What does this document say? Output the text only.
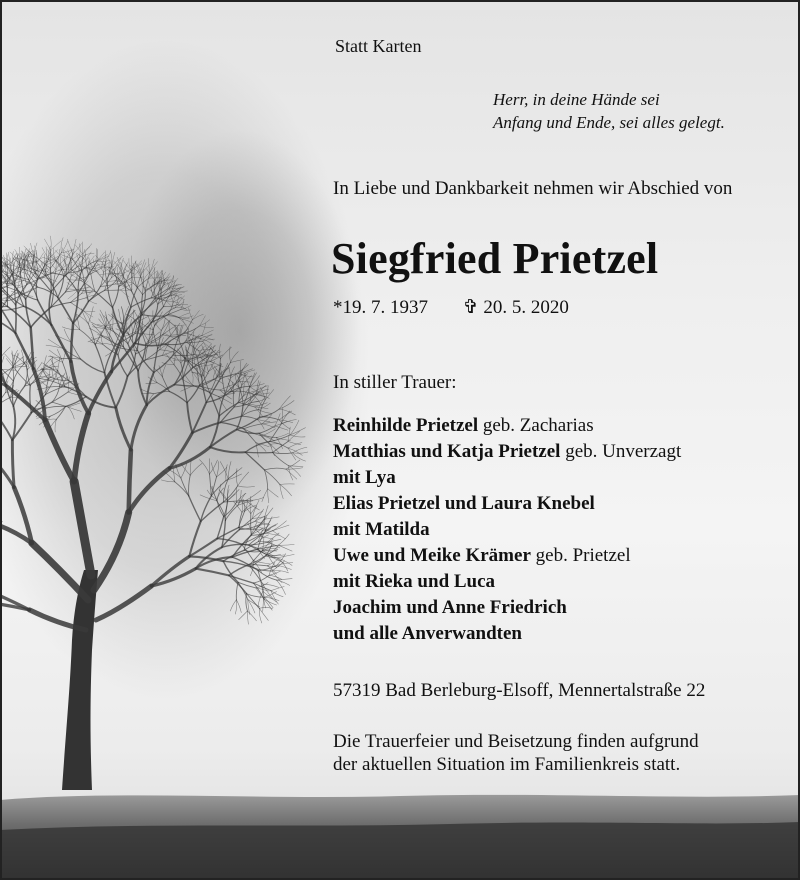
Statt Karten

Herr, in deine Hände sei
Anfang und Ende, sei alles gelegt.

In Liebe und Dankbarkeit nehmen wir Abschied von

Siegfried Prietzel

*19. 7. 1937 ✞ 20. 5. 2020

In stiller Trauer:

Reinhilde Prietzel geb. Zacharias
Matthias und Katja Prietzel geb. Unverzagt
mit Lya
Elias Prietzel und Laura Knebel
mit Matilda
Uwe und Meike Krämer geb. Prietzel
mit Rieka und Luca
Joachim und Anne Friedrich
und alle Anverwandten

57319 Bad Berleburg-Elsoff, Mennertalstraße 22

Die Trauerfeier und Beisetzung finden aufgrund
der aktuellen Situation im Familienkreis statt.
